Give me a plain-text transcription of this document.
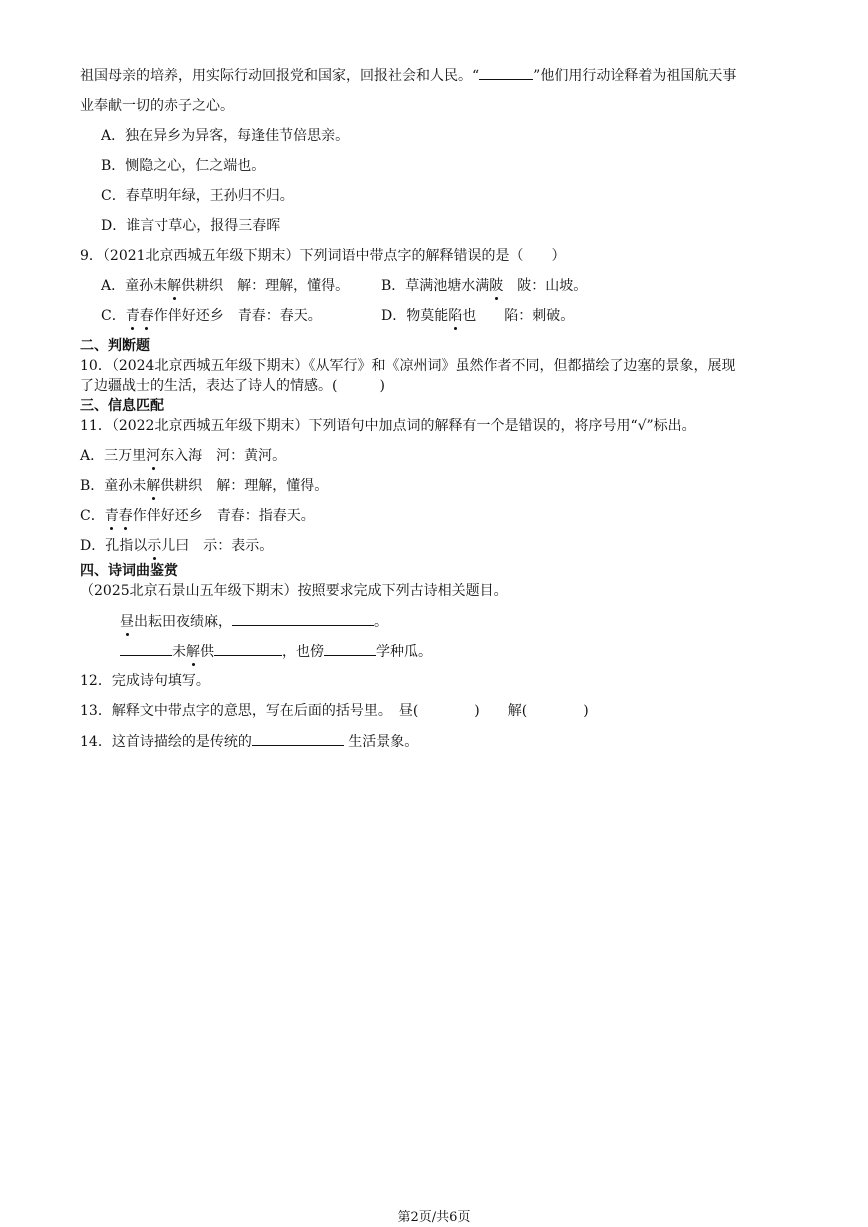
祖国母亲的培养，用实际行动回报党和国家，回报社会和人民。“	”他们用行动诠释着为祖国航天事
业奉献一切的赤子之心。
A．独在异乡为异客，每逢佳节倍思亲。
B．恻隐之心，仁之端也。
C．春草明年绿，王孙归不归。
D．谁言寸草心，报得三春晖
9．（2021北京西城五年级下期末）下列词语中带点字的解释错误的是（　　）
A．童孙未解供耕织　解：理解，懂得。 B．草满池塘水满陂　陂：山坡。
C．青春作伴好还乡　青春：春天。	D．物莫能陷也　　陷：刺破。
二、判断题
10．（2024北京西城五年级下期末）《从军行》和《凉州词》虽然作者不同，但都描绘了边塞的景象，展现
了边疆战士的生活，表达了诗人的情感。(　　　)
三、信息匹配
11．（2022北京西城五年级下期末）下列语句中加点词的解释有一个是错误的，将序号用“√”标出。
A．三万里河东入海　河：黄河。
B．童孙未解供耕织　解：理解，懂得。
C．青春作伴好还乡　青春：指春天。
D．孔指以示儿曰　示：表示。
四、诗词曲鉴赏
（2025北京石景山五年级下期末）按照要求完成下列古诗相关题目。
昼出耘田夜绩麻，	。
未解供	，也傍	学种瓜。
12．完成诗句填写。
13．解释文中带点字的意思，写在后面的括号里。　昼(　　　　)　　解(　　　　)
14．这首诗描绘的是传统的	生活景象。
第2页/共6页
